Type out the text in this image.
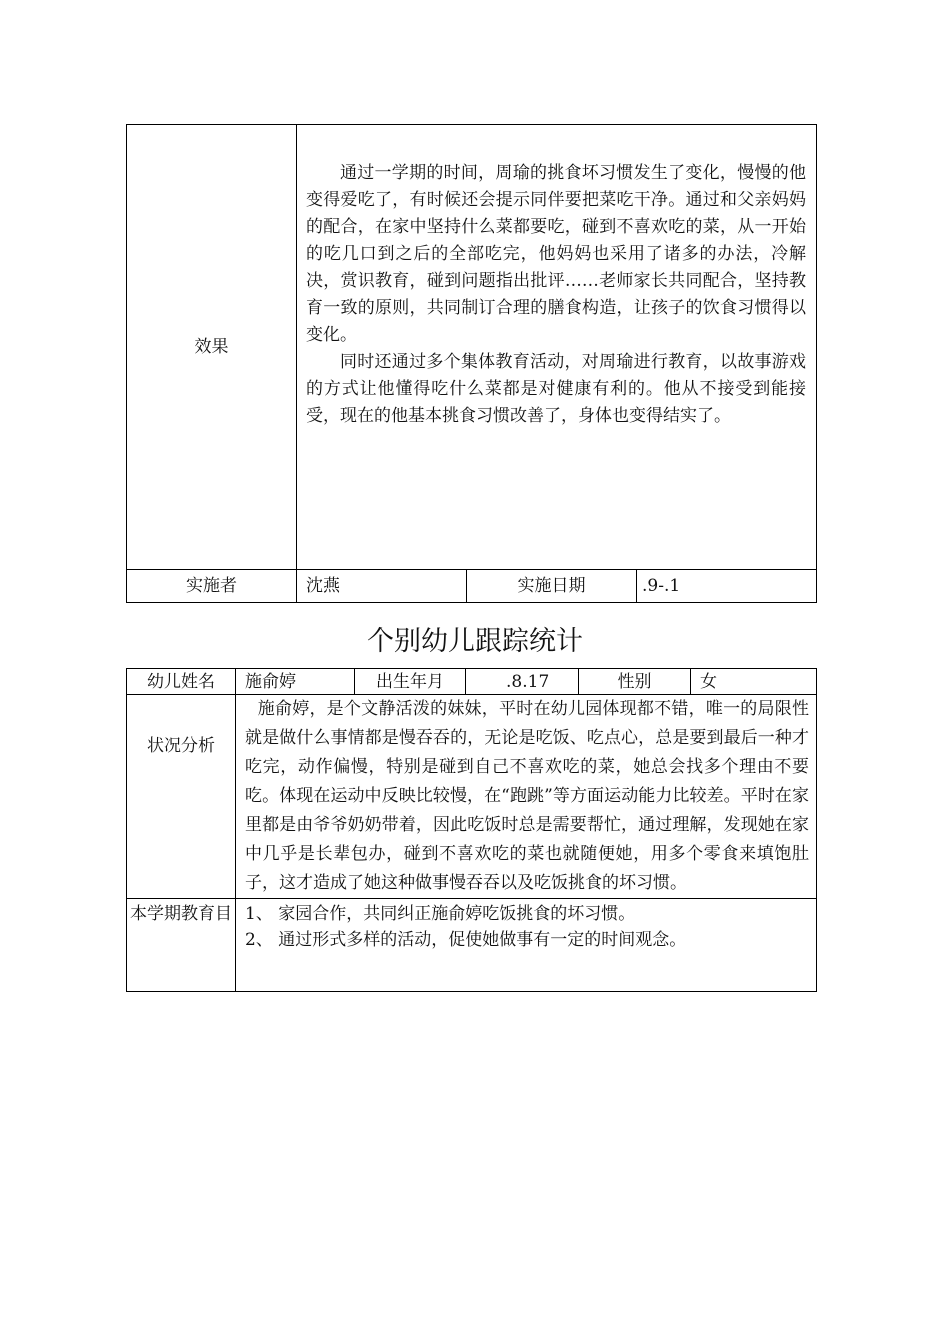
效果	通过一学期的时间，周瑜的挑食坏习惯发生了变化，慢慢的他变得爱吃了，有时候还会提示同伴要把菜吃干净。通过和父亲妈妈的配合，在家中坚持什么菜都要吃，碰到不喜欢吃的菜，从一开始的吃几口到之后的全部吃完，他妈妈也采用了诸多的办法，冷解决，赏识教育，碰到问题指出批评……老师家长共同配合，坚持教育一致的原则，共同制订合理的膳食构造，让孩子的饮食习惯得以变化。

同时还通过多个集体教育活动，对周瑜进行教育，以故事游戏的方式让他懂得吃什么菜都是对健康有利的。他从不接受到能接受，现在的他基本挑食习惯改善了，身体也变得结实了。		

实施者	沈燕	实施日期	.9-.1
个别幼儿跟踪统计
幼儿姓名	施俞婷	出生年月	.8.17	性别	女
状况分析	施俞婷，是个文静活泼的妹妹，平时在幼儿园体现都不错，唯一的局限性就是做什么事情都是慢吞吞的，无论是吃饭、吃点心，总是要到最后一种才吃完，动作偏慢，特别是碰到自己不喜欢吃的菜，她总会找多个理由不要吃。体现在运动中反映比较慢，在“跑跳”等方面运动能力比较差。平时在家里都是由爷爷奶奶带着，因此吃饭时总是需要帮忙，通过理解，发现她在家中几乎是长辈包办，碰到不喜欢吃的菜也就随便她，用多个零食来填饱肚子，这才造成了她这种做事慢吞吞以及吃饭挑食的坏习惯。				

本学期教育目	1、 家园合作，共同纠正施俞婷吃饭挑食的坏习惯。
2、 通过形式多样的活动，促使她做事有一定的时间观念。				
